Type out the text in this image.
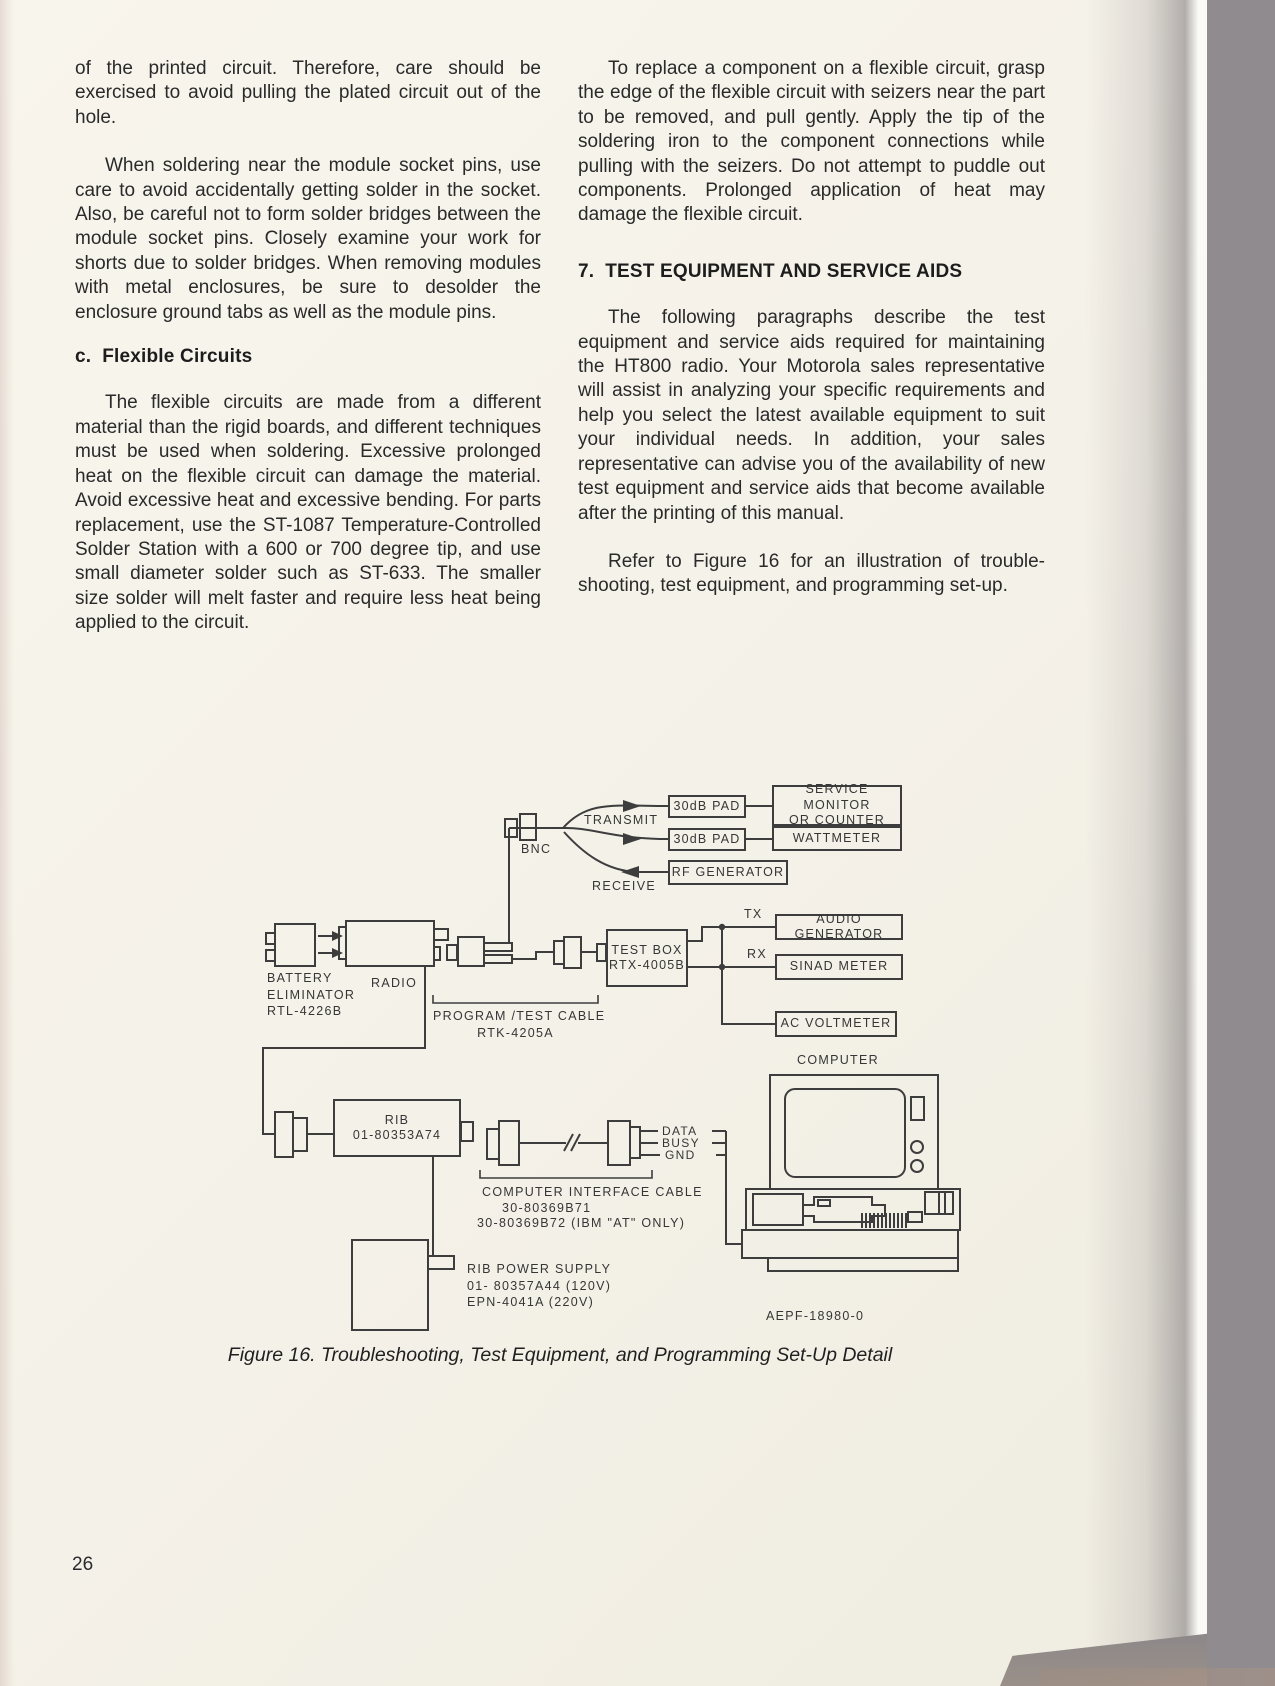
of the printed circuit. Therefore, care should be exercised to avoid pulling the plated circuit out of the hole.

When soldering near the module socket pins, use care to avoid accidentally getting solder in the socket. Also, be careful not to form solder bridges between the module socket pins. Closely examine your work for shorts due to solder bridges. When removing modules with metal enclosures, be sure to desolder the enclosure ground tabs as well as the module pins.

c.  Flexible Circuits

The flexible circuits are made from a different material than the rigid boards, and different techniques must be used when soldering. Excessive prolonged heat on the flexible circuit can damage the material. Avoid excessive heat and excessive bending. For parts replacement, use the ST-1087 Temperature-Controlled Solder Station with a 600 or 700 degree tip, and use small diameter solder such as ST-633. The smaller size solder will melt faster and require less heat being applied to the circuit.

To replace a component on a flexible circuit, grasp the edge of the flexible circuit with seizers near the part to be removed, and pull gently. Apply the tip of the soldering iron to the component connections while pulling with the seizers. Do not attempt to puddle out components. Prolonged application of heat may damage the flexible circuit.

7.  TEST EQUIPMENT AND SERVICE AIDS

The following paragraphs describe the test equipment and service aids required for maintaining the HT800 radio. Your Motorola sales representative will assist in analyzing your specific requirements and help you select the latest available equipment to suit your individual needs. In addition, your sales representative can advise you of the availability of new test equipment and service aids that become available after the printing of this manual.

Refer to Figure 16 for an illustration of trouble-shooting, test equipment, and programming set-up.

30dB PAD
SERVICE MONITOR
OR COUNTER
30dB PAD	WATTMETER
RF GENERATOR
TEST BOX
RTX-4005B
AUDIO GENERATOR
SINAD METER
AC VOLTMETER
RIB
01-80353A74
TRANSMIT
RECEIVE
BNC
TX
RX
BATTERY
ELIMINATOR
RTL-4226B
RADIO
PROGRAM /TEST CABLE
RTK-4205A
DATA
BUSY
GND
COMPUTER INTERFACE CABLE
30-80369B71
30-80369B72 (IBM "AT" ONLY)
RIB POWER SUPPLY
01- 80357A44 (120V)
EPN-4041A (220V)
COMPUTER
AEPF-18980-0
Figure 16. Troubleshooting, Test Equipment, and Programming Set-Up Detail
26
